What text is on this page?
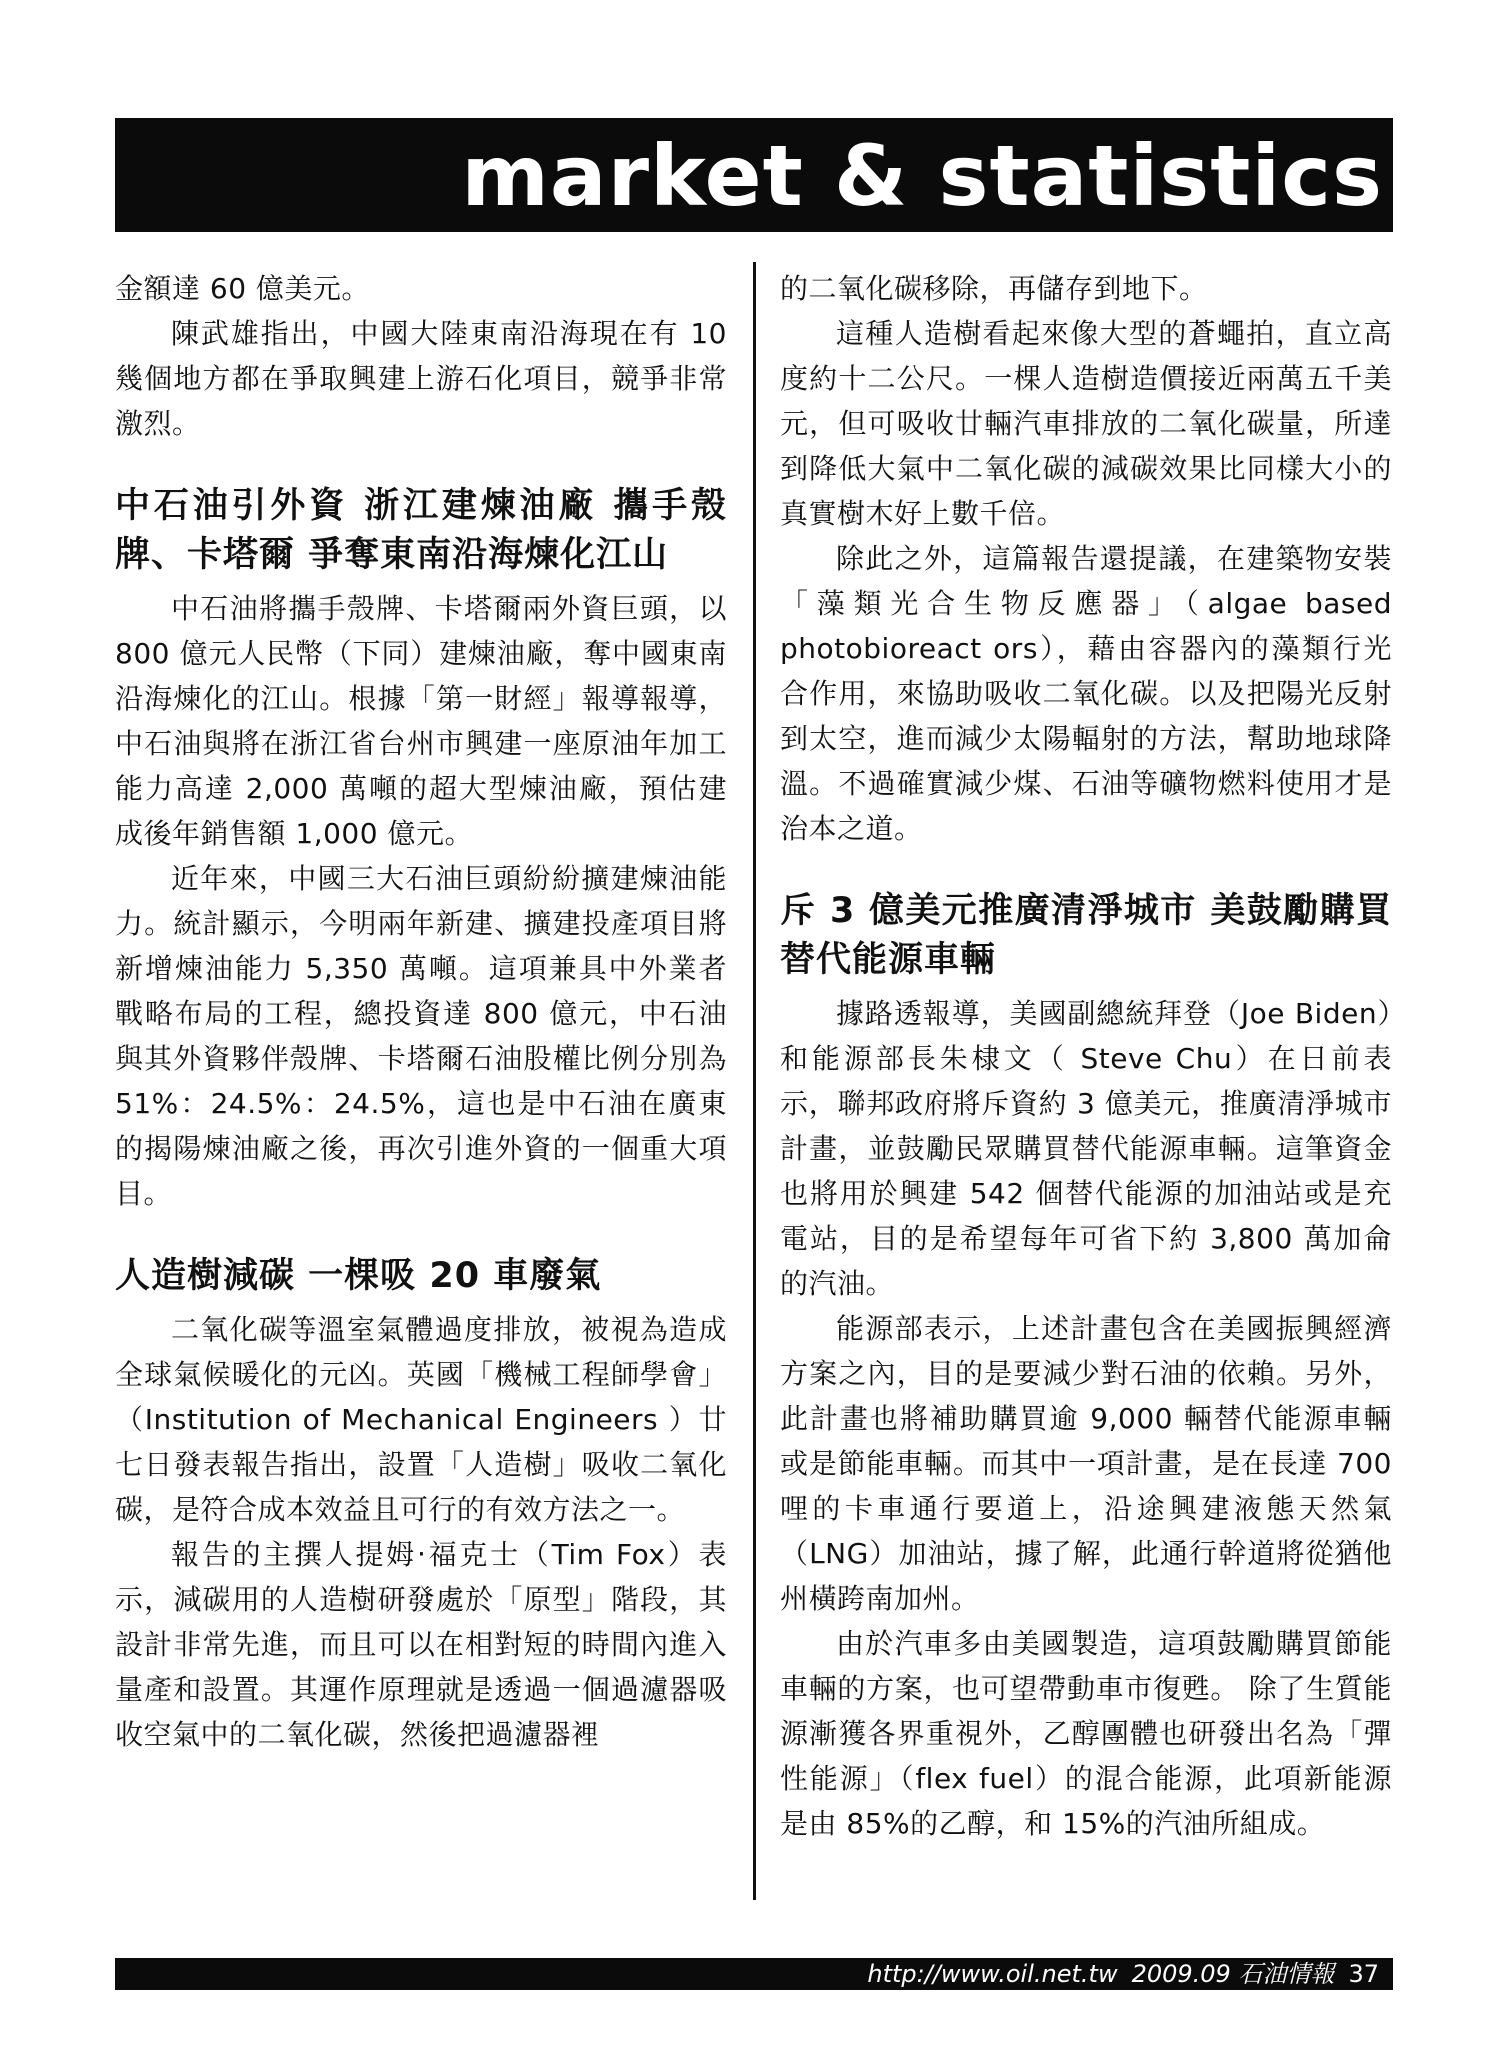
market & statistics

金額達 60 億美元。

陳武雄指出，中國大陸東南沿海現在有 10 幾個地方都在爭取興建上游石化項目，競爭非常激烈。

中石油引外資 浙江建煉油廠 攜手殼牌、卡塔爾 爭奪東南沿海煉化江山

中石油將攜手殼牌、卡塔爾兩外資巨頭，以 800 億元人民幣（下同）建煉油廠，奪中國東南沿海煉化的江山。根據「第一財經」報導報導，中石油與將在浙江省台州市興建一座原油年加工能力高達 2,000 萬噸的超大型煉油廠，預估建成後年銷售額 1,000 億元。

近年來，中國三大石油巨頭紛紛擴建煉油能力。統計顯示，今明兩年新建、擴建投產項目將新增煉油能力 5,350 萬噸。這項兼具中外業者戰略布局的工程，總投資達 800 億元，中石油與其外資夥伴殼牌、卡塔爾石油股權比例分別為 51%：24.5%：24.5%，這也是中石油在廣東的揭陽煉油廠之後，再次引進外資的一個重大項目。

人造樹減碳 一棵吸 20 車廢氣

二氧化碳等溫室氣體過度排放，被視為造成全球氣候暖化的元凶。英國「機械工程師學會」（Institution of Mechanical Engineers ）廿七日發表報告指出，設置「人造樹」吸收二氧化碳，是符合成本效益且可行的有效方法之一。

報告的主撰人提姆‧福克士（Tim Fox）表示，減碳用的人造樹研發處於「原型」階段，其設計非常先進，而且可以在相對短的時間內進入量產和設置。其運作原理就是透過一個過濾器吸收空氣中的二氧化碳，然後把過濾器裡

的二氧化碳移除，再儲存到地下。

這種人造樹看起來像大型的蒼蠅拍，直立高度約十二公尺。一棵人造樹造價接近兩萬五千美元，但可吸收廿輛汽車排放的二氧化碳量，所達到降低大氣中二氧化碳的減碳效果比同樣大小的真實樹木好上數千倍。

除此之外，這篇報告還提議，在建築物安裝「藻類光合生物反應器」（algae based photobioreact ors），藉由容器內的藻類行光合作用，來協助吸收二氧化碳。以及把陽光反射到太空，進而減少太陽輻射的方法，幫助地球降溫。不過確實減少煤、石油等礦物燃料使用才是治本之道。

斥 3 億美元推廣清淨城市 美鼓勵購買替代能源車輛

據路透報導，美國副總統拜登（Joe Biden）和能源部長朱棣文（ Steve Chu）在日前表示，聯邦政府將斥資約 3 億美元，推廣清淨城市計畫，並鼓勵民眾購買替代能源車輛。這筆資金也將用於興建 542 個替代能源的加油站或是充電站，目的是希望每年可省下約 3,800 萬加侖的汽油。

能源部表示，上述計畫包含在美國振興經濟方案之內，目的是要減少對石油的依賴。另外，此計畫也將補助購買逾 9,000 輛替代能源車輛或是節能車輛。而其中一項計畫，是在長達 700 哩的卡車通行要道上，沿途興建液態天然氣（LNG）加油站，據了解，此通行幹道將從猶他州橫跨南加州。

由於汽車多由美國製造，這項鼓勵購買節能車輛的方案，也可望帶動車市復甦。 除了生質能源漸獲各界重視外，乙醇團體也研發出名為「彈性能源」（flex fuel）的混合能源，此項新能源是由 85%的乙醇，和 15%的汽油所組成。

http://www.oil.net.tw 2009.09 石油情報 37
